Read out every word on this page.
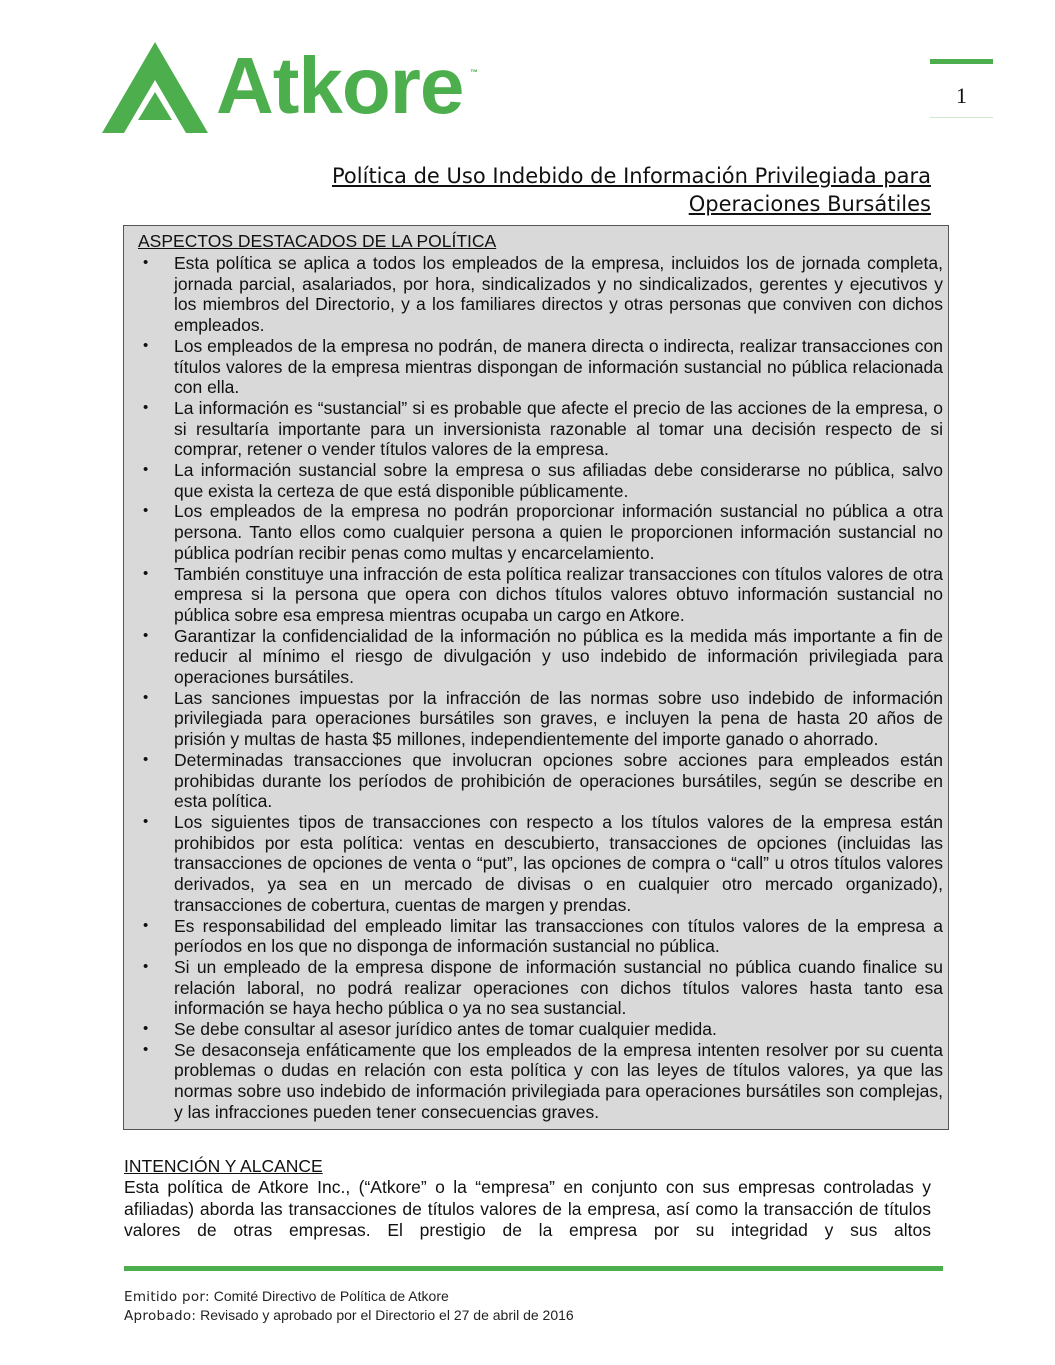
Atkore ™
1
Política de Uso Indebido de Información Privilegiada para
Operaciones Bursátiles
ASPECTOS DESTACADOS DE LA POLÍTICA
• Esta política se aplica a todos los empleados de la empresa, incluidos los de jornada completa, jornada parcial, asalariados, por hora, sindicalizados y no sindicalizados, gerentes y ejecutivos y los miembros del Directorio, y a los familiares directos y otras personas que conviven con dichos empleados.
• Los empleados de la empresa no podrán, de manera directa o indirecta, realizar transacciones con títulos valores de la empresa mientras dispongan de información sustancial no pública relacionada con ella.
• La información es “sustancial” si es probable que afecte el precio de las acciones de la empresa, o si resultaría importante para un inversionista razonable al tomar una decisión respecto de si comprar, retener o vender títulos valores de la empresa.
• La información sustancial sobre la empresa o sus afiliadas debe considerarse no pública, salvo que exista la certeza de que está disponible públicamente.
• Los empleados de la empresa no podrán proporcionar información sustancial no pública a otra persona. Tanto ellos como cualquier persona a quien le proporcionen información sustancial no pública podrían recibir penas como multas y encarcelamiento.
• También constituye una infracción de esta política realizar transacciones con títulos valores de otra empresa si la persona que opera con dichos títulos valores obtuvo información sustancial no pública sobre esa empresa mientras ocupaba un cargo en Atkore.
• Garantizar la confidencialidad de la información no pública es la medida más importante a fin de reducir al mínimo el riesgo de divulgación y uso indebido de información privilegiada para operaciones bursátiles.
• Las sanciones impuestas por la infracción de las normas sobre uso indebido de información privilegiada para operaciones bursátiles son graves, e incluyen la pena de hasta 20 años de prisión y multas de hasta $5 millones, independientemente del importe ganado o ahorrado.
• Determinadas transacciones que involucran opciones sobre acciones para empleados están prohibidas durante los períodos de prohibición de operaciones bursátiles, según se describe en esta política.
• Los siguientes tipos de transacciones con respecto a los títulos valores de la empresa están prohibidos por esta política: ventas en descubierto, transacciones de opciones (incluidas las transacciones de opciones de venta o “put”, las opciones de compra o “call” u otros títulos valores derivados, ya sea en un mercado de divisas o en cualquier otro mercado organizado), transacciones de cobertura, cuentas de margen y prendas.
• Es responsabilidad del empleado limitar las transacciones con títulos valores de la empresa a períodos en los que no disponga de información sustancial no pública.
• Si un empleado de la empresa dispone de información sustancial no pública cuando finalice su relación laboral, no podrá realizar operaciones con dichos títulos valores hasta tanto esa información se haya hecho pública o ya no sea sustancial.
• Se debe consultar al asesor jurídico antes de tomar cualquier medida.
• Se desaconseja enfáticamente que los empleados de la empresa intenten resolver por su cuenta problemas o dudas en relación con esta política y con las leyes de títulos valores, ya que las normas sobre uso indebido de información privilegiada para operaciones bursátiles son complejas, y las infracciones pueden tener consecuencias graves.
INTENCIÓN Y ALCANCE

Esta política de Atkore Inc., (“Atkore” o la “empresa” en conjunto con sus empresas controladas y afiliadas) aborda las transacciones de títulos valores de la empresa, así como la transacción de títulos valores de otras empresas. El prestigio de la empresa por su integridad y sus altos

Emitido por: Comité Directivo de Política de Atkore
Aprobado: Revisado y aprobado por el Directorio el 27 de abril de 2016
